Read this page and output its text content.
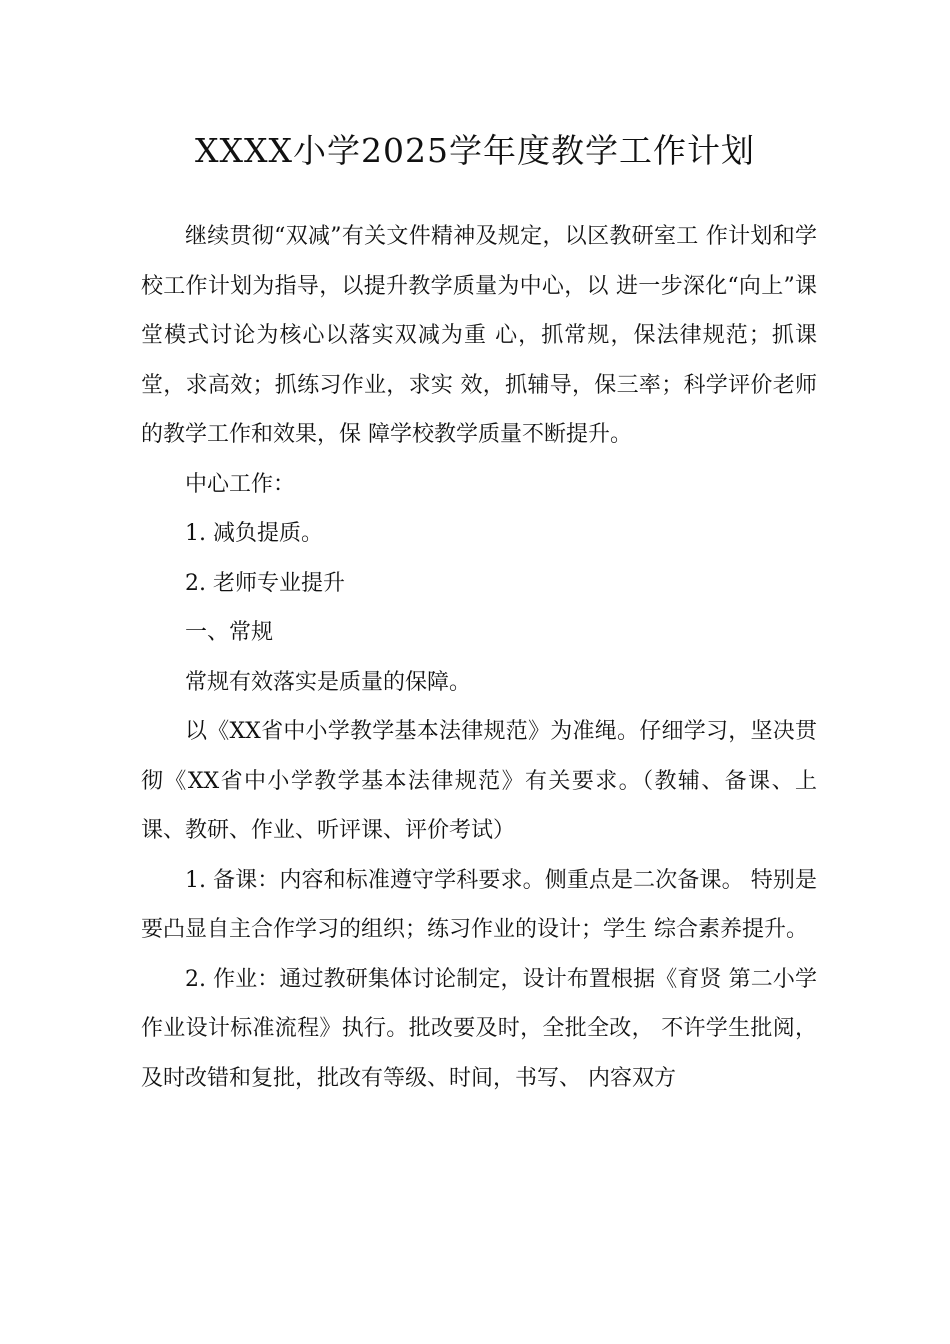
XXXX小学2025学年度教学工作计划

继续贯彻“双减”有关文件精神及规定，以区教研室工 作计划和学校工作计划为指导，以提升教学质量为中心，以 进一步深化“向上”课堂模式讨论为核心以落实双减为重 心，抓常规，保法律规范；抓课堂，求高效；抓练习作业，求实 效，抓辅导，保三率；科学评价老师的教学工作和效果，保 障学校教学质量不断提升。

中心工作：

1. 减负提质。

2. 老师专业提升

一、常规

常规有效落实是质量的保障。

以《XX省中小学教学基本法律规范》为准绳。仔细学习，坚决贯彻《XX省中小学教学基本法律规范》有关要求。（教辅、备课、上课、教研、作业、听评课、评价考试）

1. 备课：内容和标准遵守学科要求。侧重点是二次备课。 特别是要凸显自主合作学习的组织；练习作业的设计；学生 综合素养提升。

2. 作业：通过教研集体讨论制定，设计布置根据《育贤 第二小学作业设计标准流程》执行。批改要及时，全批全改， 不许学生批阅，及时改错和复批，批改有等级、时间，书写、 内容双方
